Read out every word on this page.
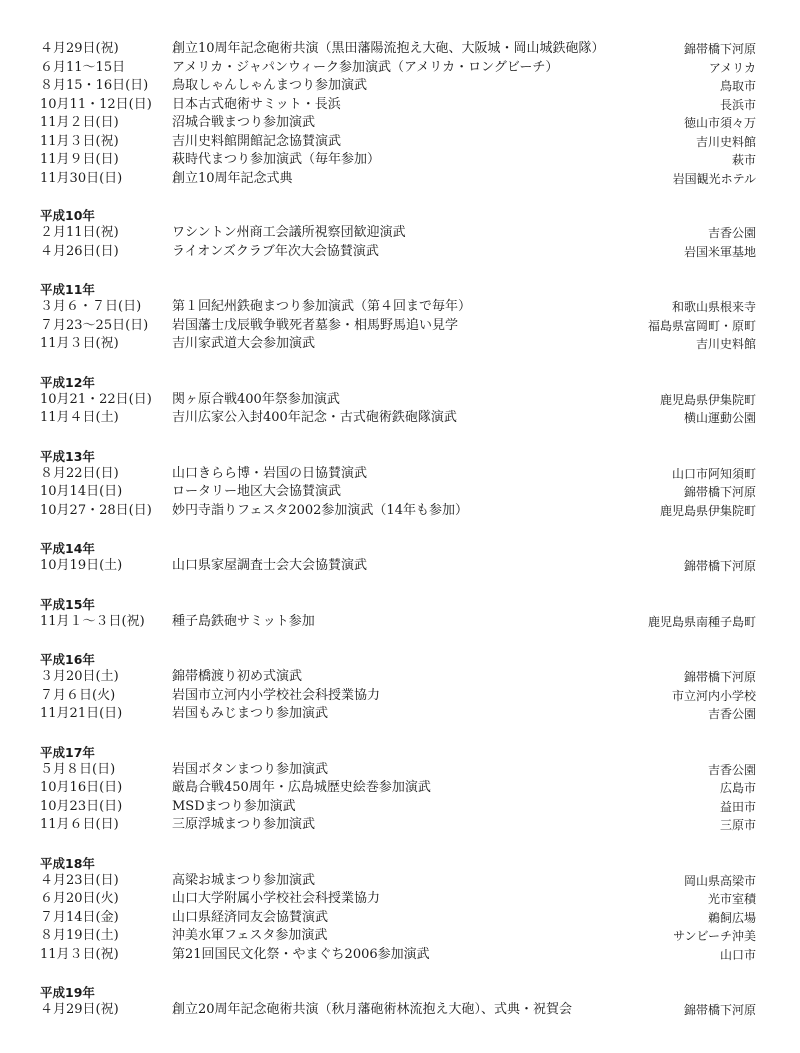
４月29日(祝)	創立10周年記念砲術共演（黒田藩陽流抱え大砲、大阪城・岡山城鉄砲隊）	錦帯橋下河原
６月11〜15日	アメリカ・ジャパンウィーク参加演武（アメリカ・ロングビーチ）	アメリカ
８月15・16日(日)	鳥取しゃんしゃんまつり参加演武	鳥取市
10月11・12日(日)	日本古式砲術サミット・長浜	長浜市
11月２日(日)	沼城合戦まつり参加演武	徳山市須々万
11月３日(祝)	吉川史料館開館記念協賛演武	吉川史料館
11月９日(日)	萩時代まつり参加演武（毎年参加）	萩市
11月30日(日)	創立10周年記念式典	岩国観光ホテル
平成10年
２月11日(祝)	ワシントン州商工会議所視察団歓迎演武	吉香公園
４月26日(日)	ライオンズクラブ年次大会協賛演武	岩国米軍基地
平成11年
３月６・７日(日)	第１回紀州鉄砲まつり参加演武（第４回まで毎年）	和歌山県根来寺
７月23〜25日(日)	岩国藩士戊辰戦争戦死者墓参・相馬野馬追い見学	福島県富岡町・原町
11月３日(祝)	吉川家武道大会参加演武	吉川史料館
平成12年
10月21・22日(日)	関ヶ原合戦400年祭参加演武	鹿児島県伊集院町
11月４日(土)	吉川広家公入封400年記念・古式砲術鉄砲隊演武	横山運動公園
平成13年
８月22日(日)	山口きらら博・岩国の日協賛演武	山口市阿知須町
10月14日(日)	ロータリー地区大会協賛演武	錦帯橋下河原
10月27・28日(日)	妙円寺詣りフェスタ2002参加演武（14年も参加）	鹿児島県伊集院町
平成14年
10月19日(土)	山口県家屋調査士会大会協賛演武	錦帯橋下河原
平成15年
11月１〜３日(祝)	種子島鉄砲サミット参加	鹿児島県南種子島町
平成16年
３月20日(土)	錦帯橋渡り初め式演武	錦帯橋下河原
７月６日(火)	岩国市立河内小学校社会科授業協力	市立河内小学校
11月21日(日)	岩国もみじまつり参加演武	吉香公園
平成17年
５月８日(日)	岩国ボタンまつり参加演武	吉香公園
10月16日(日)	厳島合戦450周年・広島城歴史絵巻参加演武	広島市
10月23日(日)	MSDまつり参加演武	益田市
11月６日(日)	三原浮城まつり参加演武	三原市
平成18年
４月23日(日)	高梁お城まつり参加演武	岡山県高梁市
６月20日(火)	山口大学附属小学校社会科授業協力	光市室積
７月14日(金)	山口県経済同友会協賛演武	鵜飼広場
８月19日(土)	沖美水軍フェスタ参加演武	サンビーチ沖美
11月３日(祝)	第21回国民文化祭・やまぐち2006参加演武	山口市
平成19年
４月29日(祝)	創立20周年記念砲術共演（秋月藩砲術林流抱え大砲）、式典・祝賀会	錦帯橋下河原
